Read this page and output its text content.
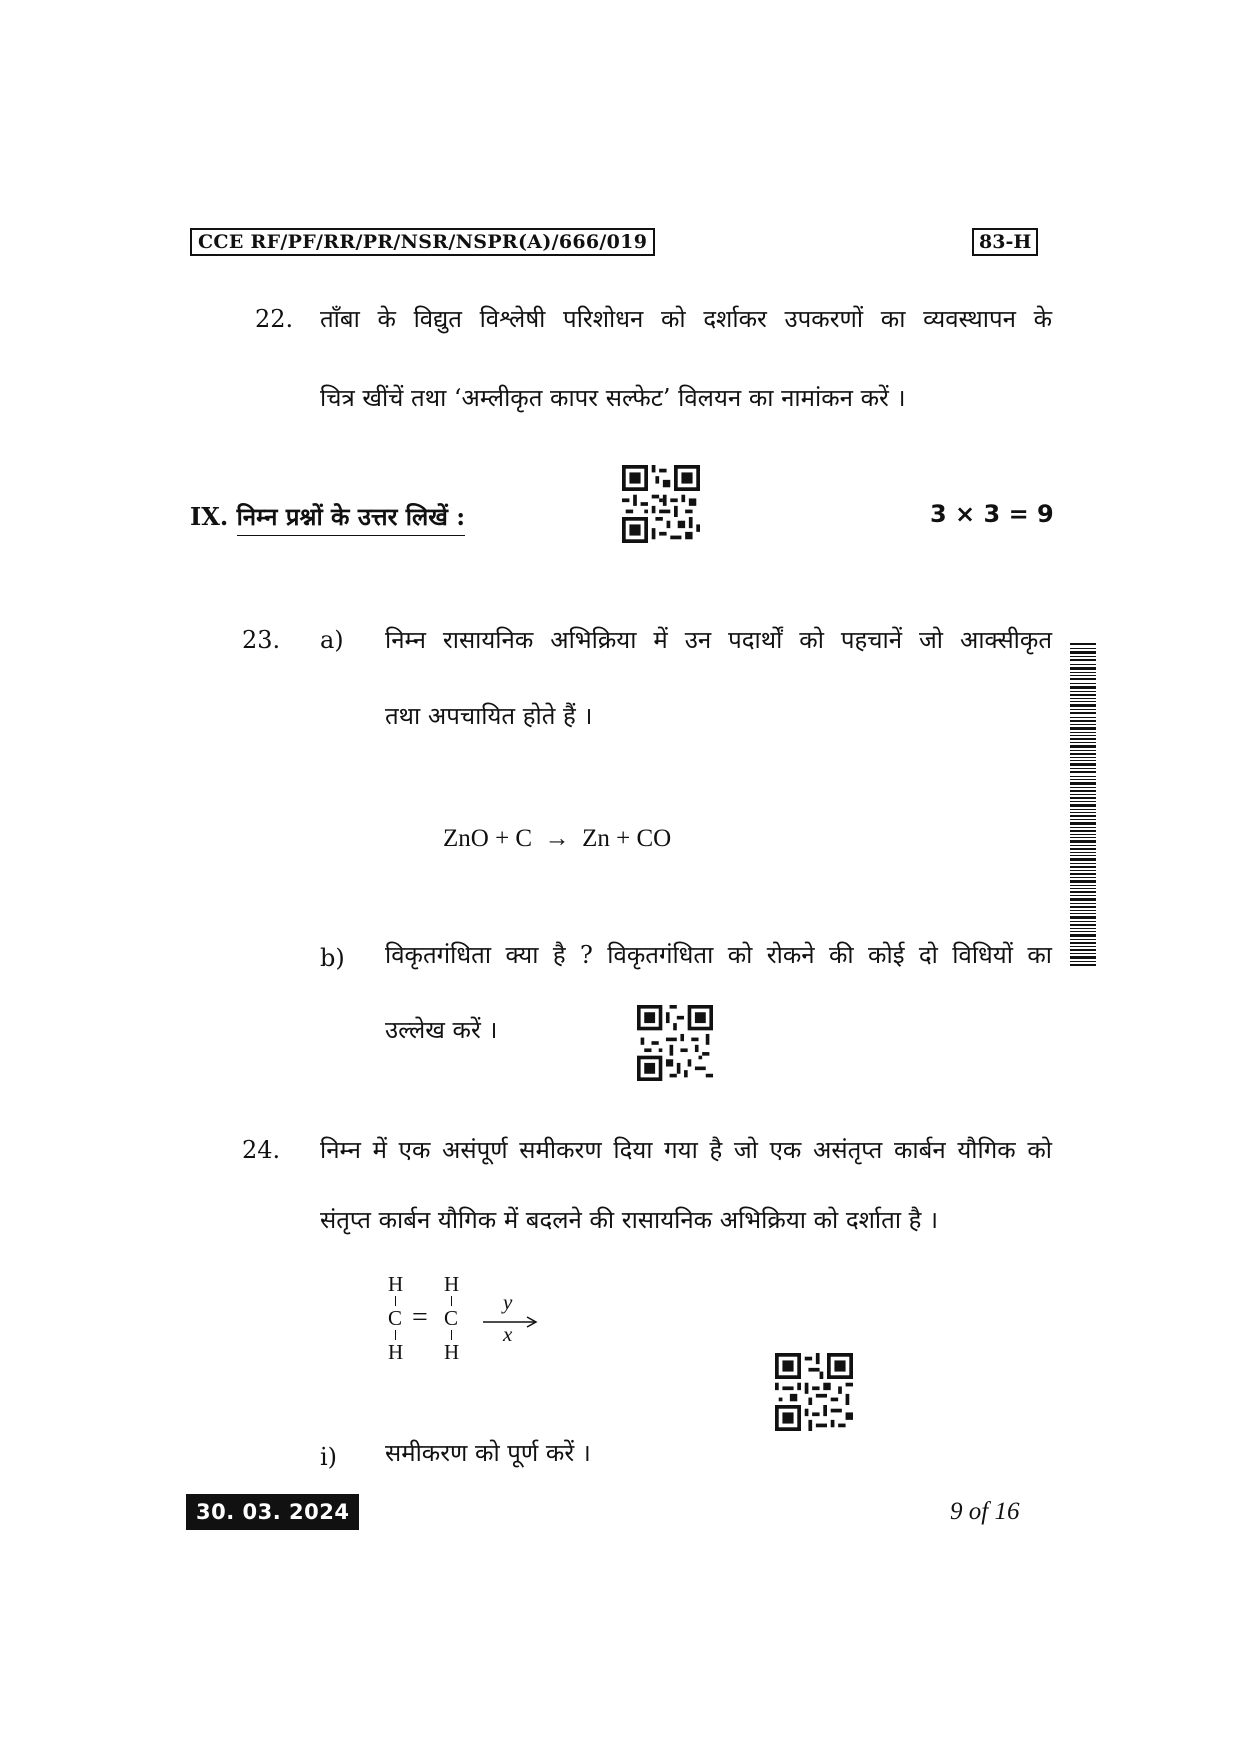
CCE RF/PF/RR/PR/NSR/NSPR(A)/666/019	83-H
22. ताँबा के विद्युत विश्लेषी परिशोधन को दर्शाकर उपकरणों का व्यवस्थापन के
चित्र खींचें तथा ‘अम्लीकृत कापर सल्फेट’ विलयन का नामांकन करें ।
IX. निम्न प्रश्नों के उत्तर लिखें :	3 × 3 = 9
23. a) निम्न रासायनिक अभिक्रिया में उन पदार्थों को पहचानें जो आक्सीकृत
तथा अपचायित होते हैं ।
ZnO + C  →  Zn + CO
b) विकृतगंधिता क्या है ? विकृतगंधिता को रोकने की कोई दो विधियों का
उल्लेख करें ।
24. निम्न में एक असंपूर्ण समीकरण दिया गया है जो एक असंतृप्त कार्बन यौगिक को
संतृप्त कार्बन यौगिक में बदलने की रासायनिक अभिक्रिया को दर्शाता है ।
H H
C = C
H H
y
x
i) समीकरण को पूर्ण करें ।
30. 03. 2024	9 of 16
